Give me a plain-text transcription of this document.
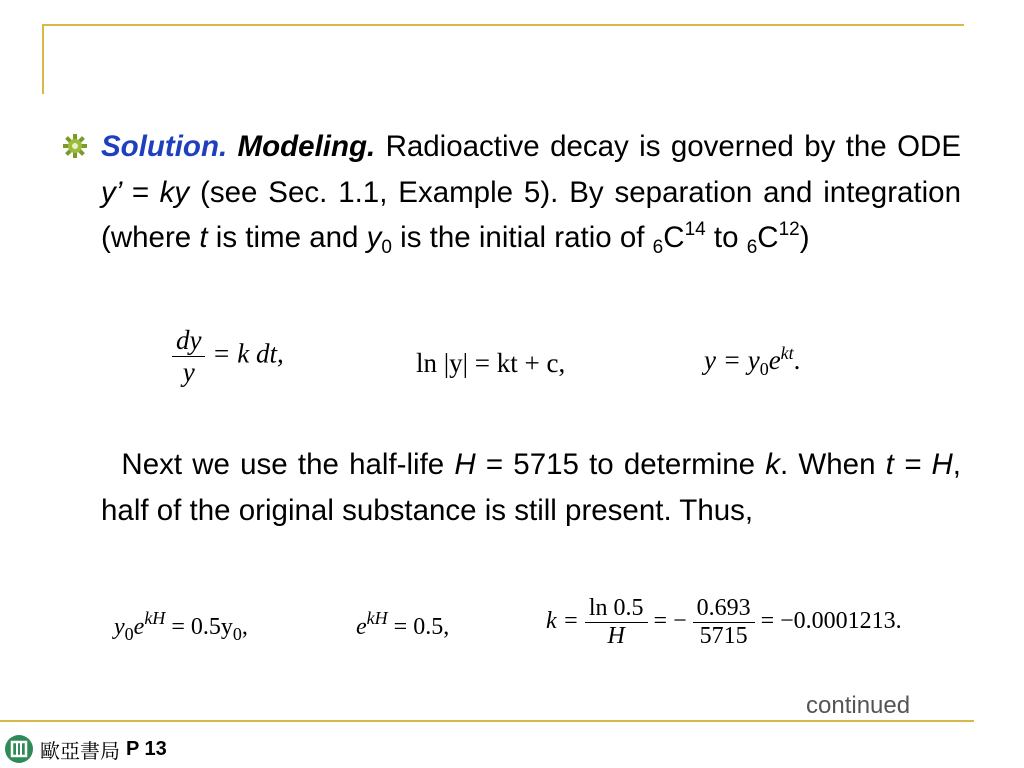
Solution. Modeling. Radioactive decay is governed by the ODE y’ = ky (see Sec. 1.1, Example 5). By separation and integration (where t is time and $y_0$ is the initial ratio of $_6C^{14}$ to $_6C^{12}$)

$\frac{dy}{y} = k$ dt,	ln |y| = kt + c,	$y = y_0e^{kt}$.

Next we use the half-life H = 5715 to determine k. When t = H, half of the original substance is still present. Thus,

$y_0e^{kH} = 0.5y_0$,	$e^{kH} = 0.5$,	$k = \frac{\ln 0.5}{H}$ = − $\frac{0.693}{5715} = -0.0001213$.
continued
歐亞書局 P 13
